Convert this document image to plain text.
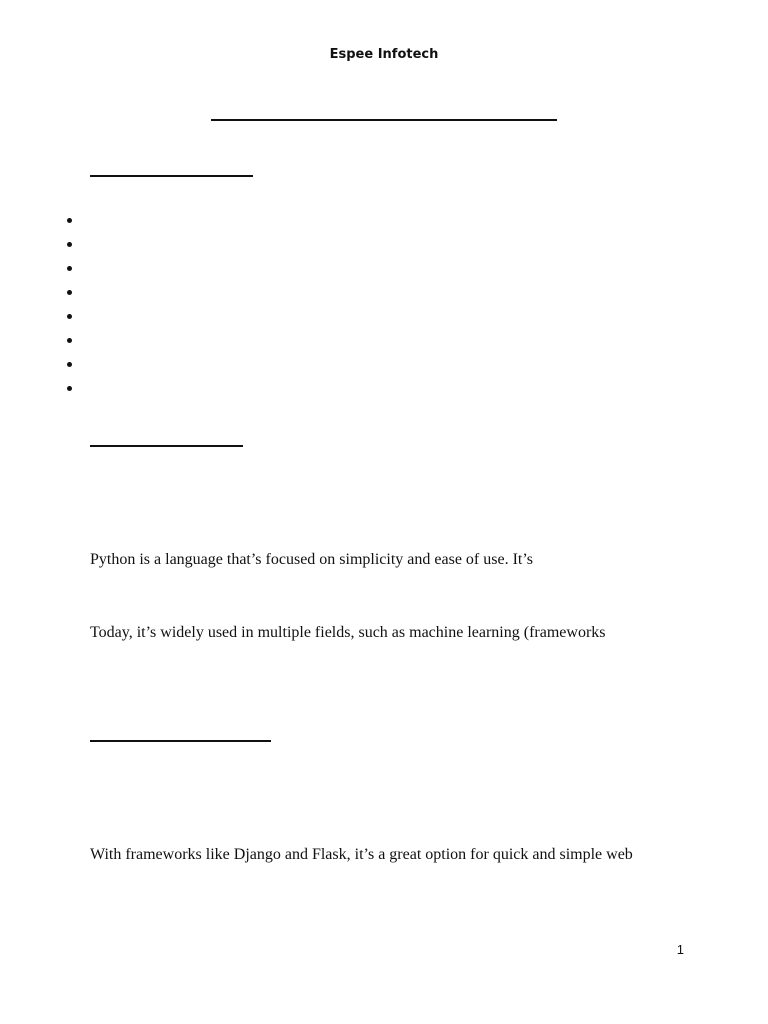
Espee Infotech
Python is a language that’s focused on simplicity and ease of use. It’s
Today, it’s widely used in multiple fields, such as machine learning (frameworks
With frameworks like Django and Flask, it’s a great option for quick and simple web
1
